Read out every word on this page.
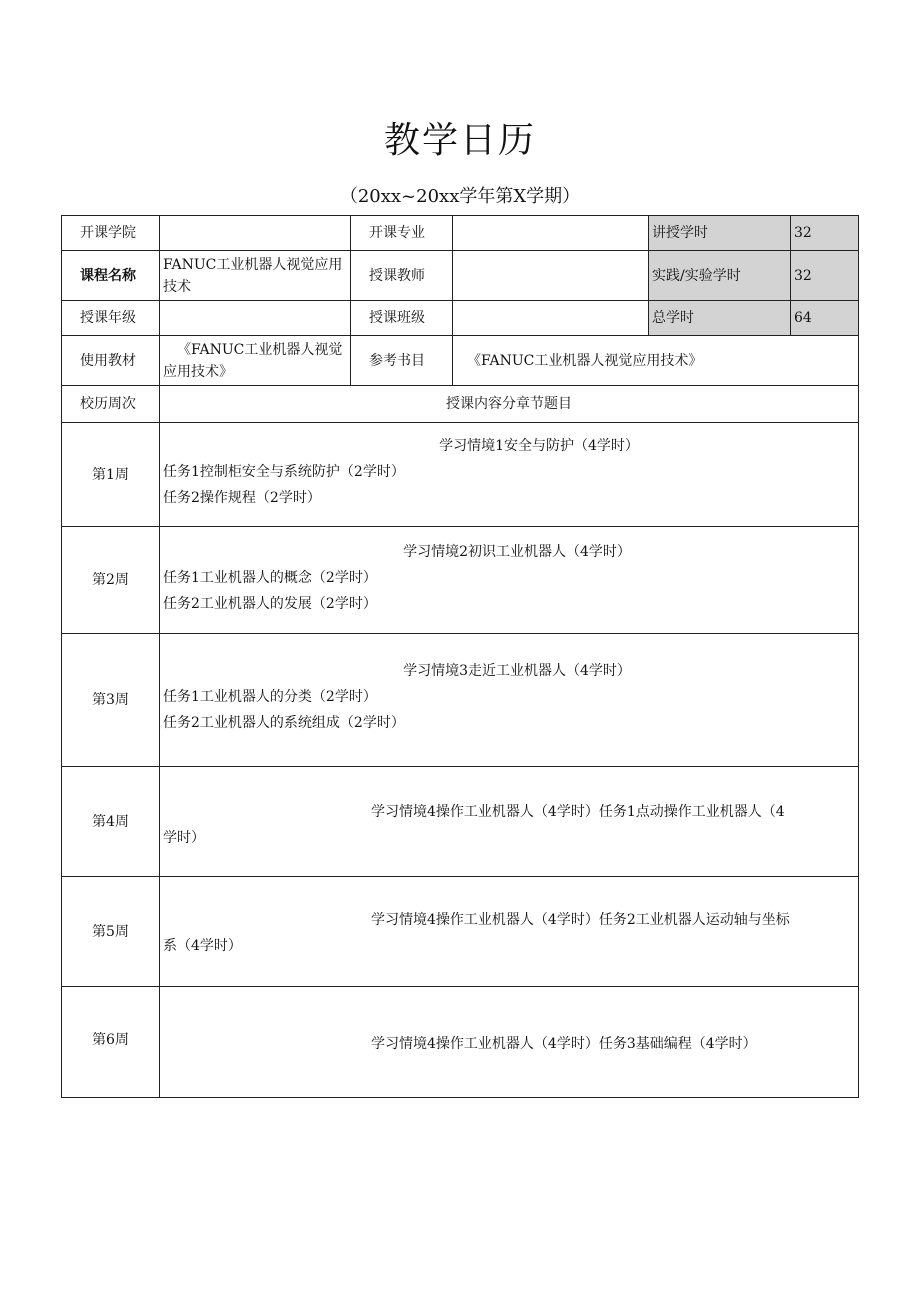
教学日历
（20xx~20xx学年第X学期）
开课学院		开课专业		讲授学时	32
课程名称	FANUC工业机器人视觉应用技术	授课教师		实践/实验学时	32
授课年级		授课班级		总学时	64
使用教材	《FANUC工业机器人视觉应用技术》	参考书目	《FANUC工业机器人视觉应用技术》		
校历周次	授课内容分章节题目				
第1周	学习情境1安全与防护（4学时）
任务1控制柜安全与系统防护（2学时）
任务2操作规程（2学时）				

第2周	学习情境2初识工业机器人（4学时）
任务1工业机器人的概念（2学时）
任务2工业机器人的发展（2学时）				

第3周	学习情境3走近工业机器人（4学时）
任务1工业机器人的分类（2学时）
任务2工业机器人的系统组成（2学时）				

第4周	学习情境4操作工业机器人（4学时）任务1点动操作工业机器人（4
学时）				

第5周	学习情境4操作工业机器人（4学时）任务2工业机器人运动轴与坐标
系（4学时）				

第6周	学习情境4操作工业机器人（4学时）任务3基础编程（4学时）				
